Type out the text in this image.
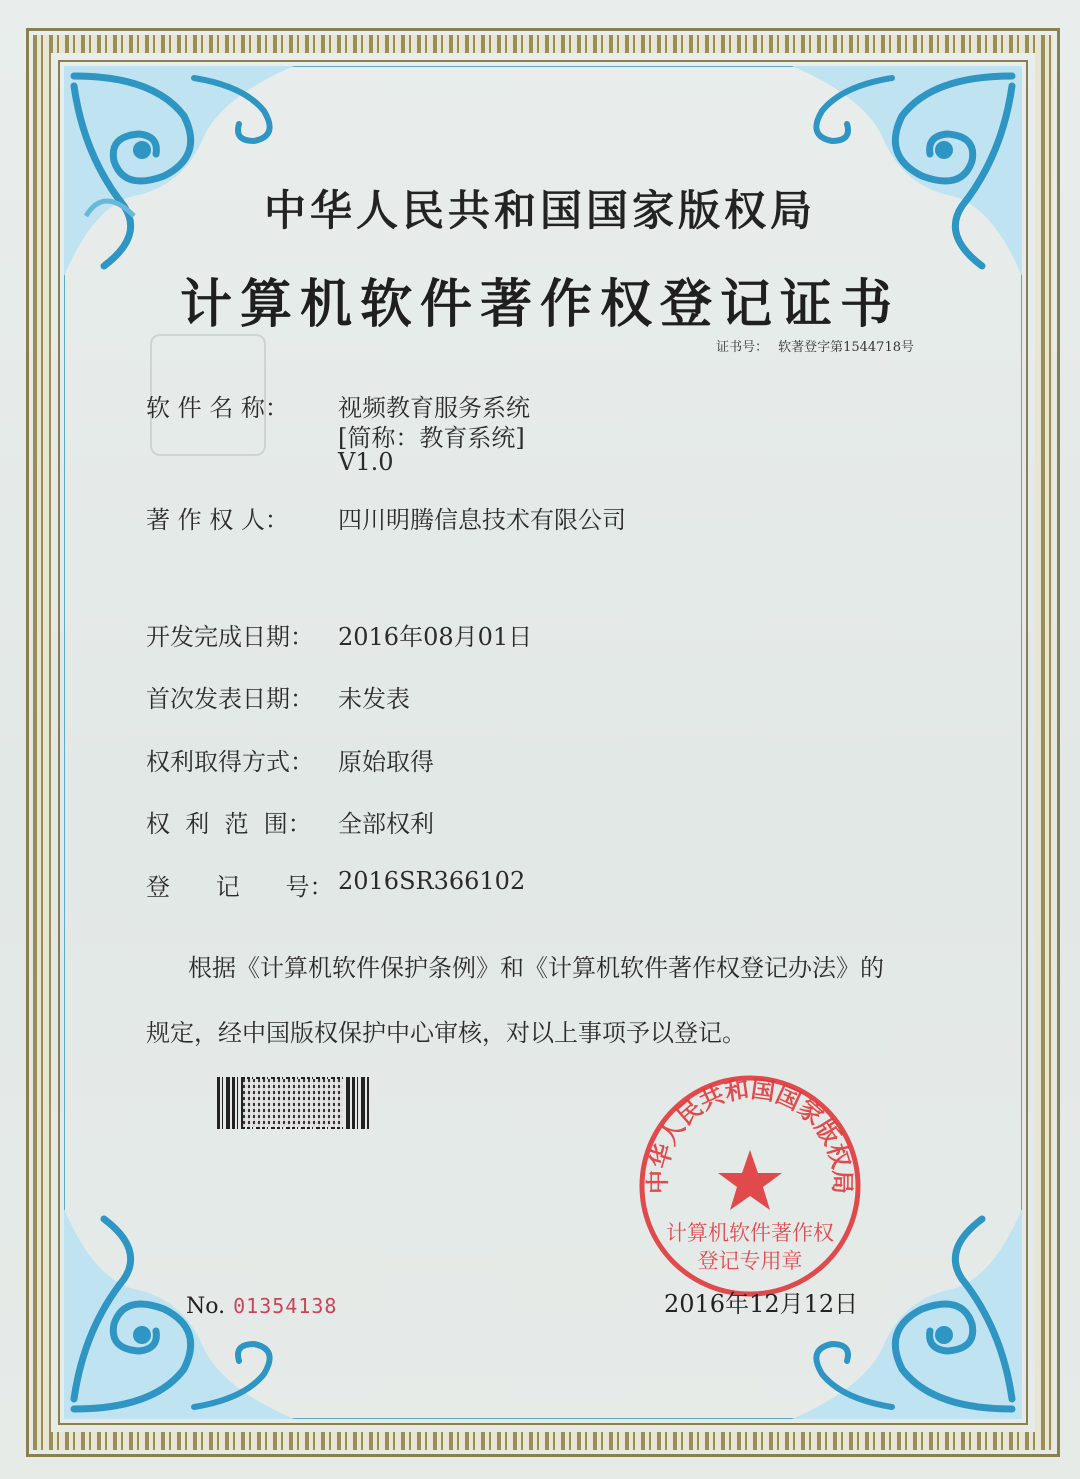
中华人民共和国国家版权局
计算机软件著作权登记证书
证书号： 软著登字第1544718号
软 件 名 称： 视频教育服务系统
[简称：教育系统]
V1.0
著 作 权 人： 四川明腾信息技术有限公司
开发完成日期： 2016年08月01日
首次发表日期： 未发表
权利取得方式： 原始取得
权  利  范  围： 全部权利
登      记      号： 2016SR366102
根据《计算机软件保护条例》和《计算机软件著作权登记办法》的
规定，经中国版权保护中心审核，对以上事项予以登记。
中华人民共和国国家版权局
计算机软件著作权
登记专用章
No. 01354138	2016年12月12日
